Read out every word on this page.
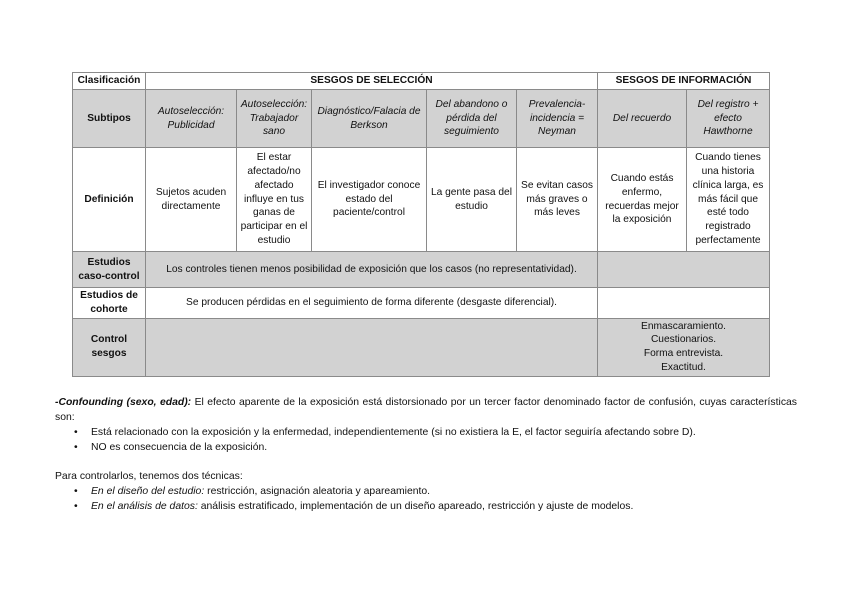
Clasificación	SESGOS DE SELECCIÓN					SESGOS DE INFORMACIÓN	
Subtipos	Autoselección: Publicidad	Autoselección: Trabajador sano	Diagnóstico/Falacia de Berkson	Del abandono o pérdida del seguimiento	Prevalencia-incidencia = Neyman	Del recuerdo	Del registro + efecto Hawthorne
Definición	Sujetos acuden directamente	El estar afectado/no afectado influye en tus ganas de participar en el estudio	El investigador conoce estado del paciente/control	La gente pasa del estudio	Se evitan casos más graves o más leves	Cuando estás enfermo, recuerdas mejor la exposición	Cuando tienes una historia clínica larga, es más fácil que esté todo registrado perfectamente
Estudios caso-control	Los controles tienen menos posibilidad de exposición que los casos (no representatividad).						
Estudios de cohorte	Se producen pérdidas en el seguimiento de forma diferente (desgaste diferencial).						
Control sesgos						Enmascaramiento.
Cuestionarios.
Forma entrevista.
Exactitud.	

-Confounding (sexo, edad): El efecto aparente de la exposición está distorsionado por un tercer factor denominado factor de confusión, cuyas características son:

• Está relacionado con la exposición y la enfermedad, independientemente (si no existiera la E, el factor seguiría afectando sobre D).
• NO es consecuencia de la exposición.

Para controlarlos, tenemos dos técnicas:

• En el diseño del estudio: restricción, asignación aleatoria y apareamiento.
• En el análisis de datos: análisis estratificado, implementación de un diseño apareado, restricción y ajuste de modelos.
